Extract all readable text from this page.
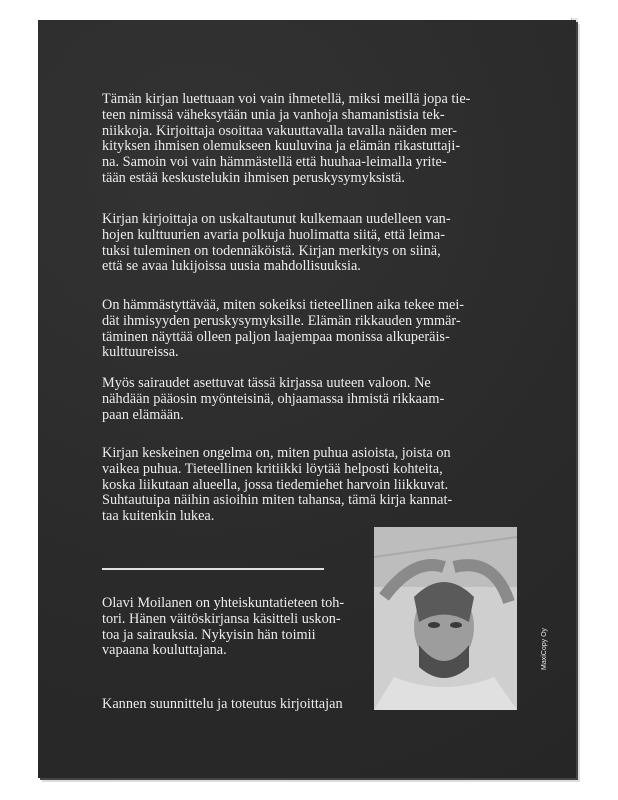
Tämän kirjan luettuaan voi vain ihmetellä, miksi meillä jopa tie-
teen nimissä väheksytään unia ja vanhoja shamanistisia tek-
niikkoja. Kirjoittaja osoittaa vakuuttavalla tavalla näiden mer-
kityksen ihmisen olemukseen kuuluvina ja elämän rikastuttaji-
na. Samoin voi vain hämmästellä että huuhaa-leimalla yrite-
tään estää keskustelukin ihmisen peruskysymyksistä.
Kirjan kirjoittaja on uskaltautunut kulkemaan uudelleen van-
hojen kulttuurien avaria polkuja huolimatta siitä, että leima-
tuksi tuleminen on todennäköistä. Kirjan merkitys on siinä,
että se avaa lukijoissa uusia mahdollisuuksia.
On hämmästyttävää, miten sokeiksi tieteellinen aika tekee mei-
dät ihmisyyden peruskysymyksille. Elämän rikkauden ymmär-
täminen näyttää olleen paljon laajempaa monissa alkuperäis-
kulttuureissa.
Myös sairaudet asettuvat tässä kirjassa uuteen valoon. Ne
nähdään pääosin myönteisinä, ohjaamassa ihmistä rikkaam-
paan elämään.
Kirjan keskeinen ongelma on, miten puhua asioista, joista on
vaikea puhua. Tieteellinen kritiikki löytää helposti kohteita,
koska liikutaan alueella, jossa tiedemiehet harvoin liikkuvat.
Suhtautuipa näihin asioihin miten tahansa, tämä kirja kannat-
taa kuitenkin lukea.
Olavi Moilanen on yhteiskuntatieteen toh-
tori. Hänen väitöskirjansa käsitteli uskon-
toa ja sairauksia. Nykyisin hän toimii
vapaana kouluttajana.
Kannen suunnittelu ja toteutus kirjoittajan
MaxiCopy Oy
